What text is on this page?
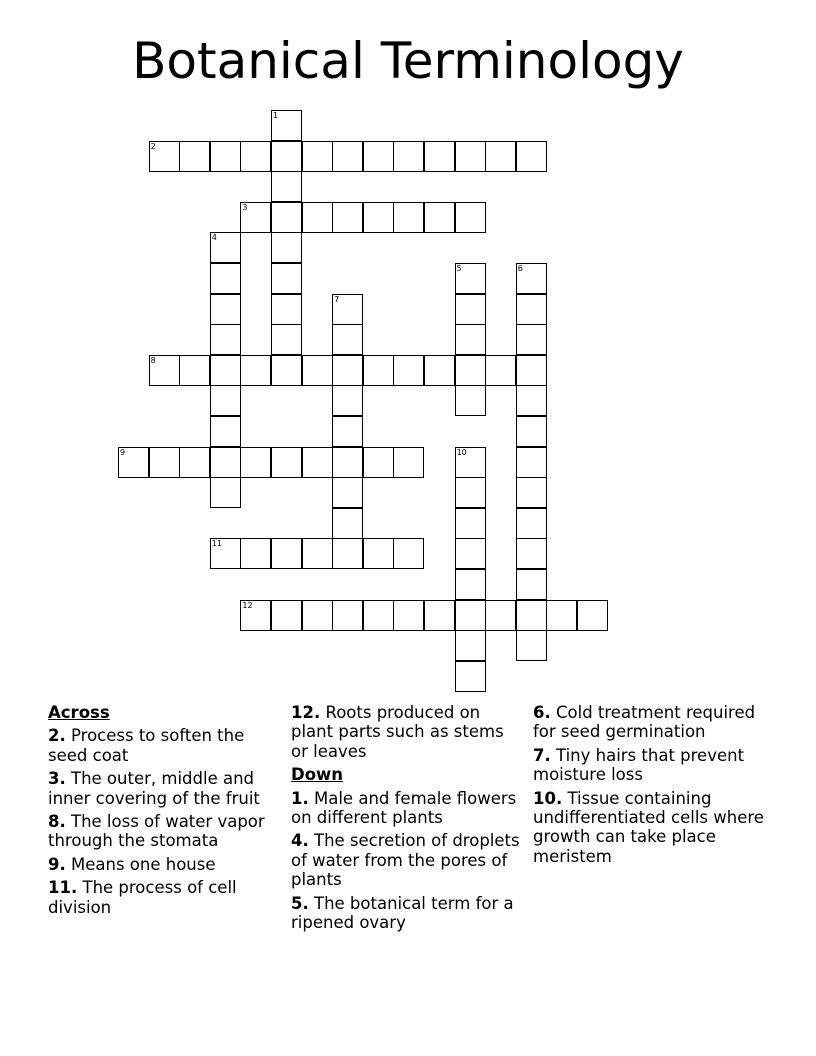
Botanical Terminology
1
2
3
4
5	6
7
8
9	10
11
12
Across
2. Process to soften the seed coat
3. The outer, middle and inner covering of the fruit
8. The loss of water vapor through the stomata
9. Means one house
11. The process of cell division
12. Roots produced on plant parts such as stems or leaves
Down
1. Male and female flowers on different plants
4. The secretion of droplets of water from the pores of plants
5. The botanical term for a ripened ovary
6. Cold treatment required for seed germination
7. Tiny hairs that prevent moisture loss
10. Tissue containing undifferentiated cells where growth can take place meristem
